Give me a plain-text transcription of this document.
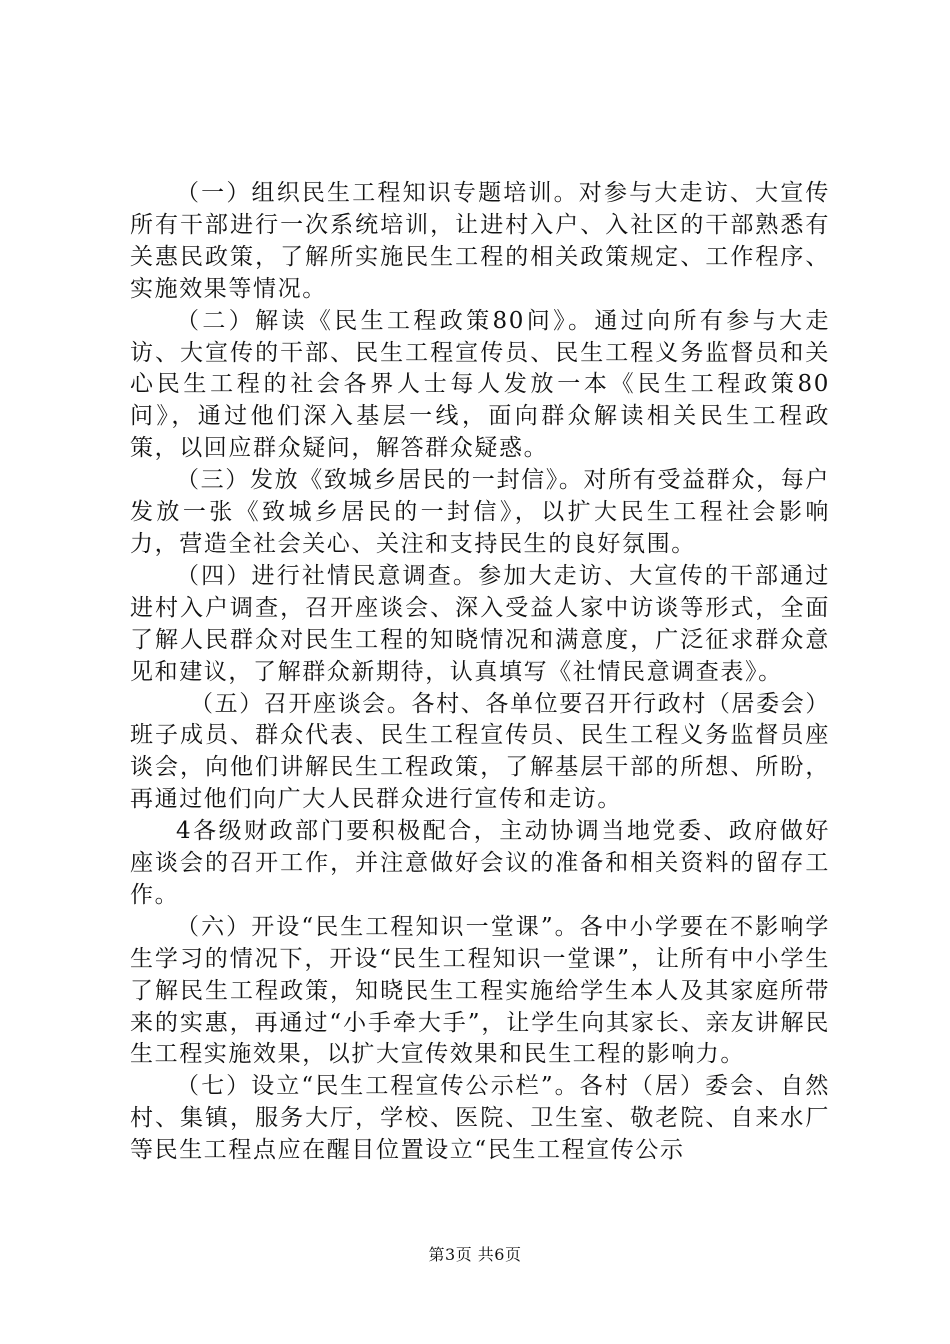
（一）组织民生工程知识专题培训。对参与大走访、大宣传所有干部进行一次系统培训，让进村入户、入社区的干部熟悉有关惠民政策，了解所实施民生工程的相关政策规定、工作程序、实施效果等情况。

（二）解读《民生工程政策80问》。通过向所有参与大走访、大宣传的干部、民生工程宣传员、民生工程义务监督员和关心民生工程的社会各界人士每人发放一本《民生工程政策80问》，通过他们深入基层一线，面向群众解读相关民生工程政策，以回应群众疑问，解答群众疑惑。

（三）发放《致城乡居民的一封信》。对所有受益群众，每户发放一张《致城乡居民的一封信》，以扩大民生工程社会影响力，营造全社会关心、关注和支持民生的良好氛围。

（四）进行社情民意调查。参加大走访、大宣传的干部通过进村入户调查，召开座谈会、深入受益人家中访谈等形式，全面了解人民群众对民生工程的知晓情况和满意度，广泛征求群众意见和建议，了解群众新期待，认真填写《社情民意调查表》。

（五）召开座谈会。各村、各单位要召开行政村（居委会）班子成员、群众代表、民生工程宣传员、民生工程义务监督员座谈会，向他们讲解民生工程政策，了解基层干部的所想、所盼，再通过他们向广大人民群众进行宣传和走访。

4各级财政部门要积极配合，主动协调当地党委、政府做好座谈会的召开工作，并注意做好会议的准备和相关资料的留存工作。

（六）开设“民生工程知识一堂课”。各中小学要在不影响学生学习的情况下，开设“民生工程知识一堂课”，让所有中小学生了解民生工程政策，知晓民生工程实施给学生本人及其家庭所带来的实惠，再通过“小手牵大手”，让学生向其家长、亲友讲解民生工程实施效果，以扩大宣传效果和民生工程的影响力。

（七）设立“民生工程宣传公示栏”。各村（居）委会、自然村、集镇，服务大厅，学校、医院、卫生室、敬老院、自来水厂等民生工程点应在醒目位置设立“民生工程宣传公示

第3页 共6页
